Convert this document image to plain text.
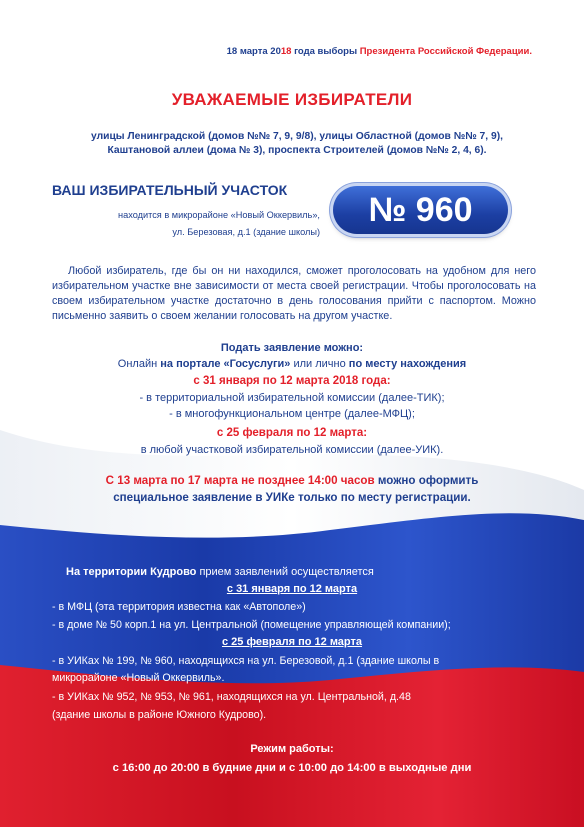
18 марта 2018 года выборы Президента Российской Федерации.
УВАЖАЕМЫЕ ИЗБИРАТЕЛИ
улицы Ленинградской (домов №№ 7, 9, 9/8), улицы Областной (домов №№ 7, 9),
Каштановой аллеи (дома № 3), проспекта Строителей (домов №№ 2, 4, 6).
ВАШ ИЗБИРАТЕЛЬНЫЙ УЧАСТОК
находится в микрорайоне «Новый Оккервиль»,
ул. Березовая, д.1 (здание школы)
№ 960
Любой избиратель, где бы он ни находился, сможет проголосовать на удобном для него избирательном участке вне зависимости от места своей регистрации. Чтобы проголосовать на своем избирательном участке достаточно в день голосования прийти с паспортом. Можно письменно заявить о своем желании голосовать на другом участке.
Подать заявление можно:
Онлайн на портале «Госуслуги» или лично по месту нахождения
с 31 января по 12 марта 2018 года:
- в территориальной избирательной комиссии (далее-ТИК);
- в многофункциональном центре (далее-МФЦ);
с 25 февраля по 12 марта:
в любой участковой избирательной комиссии (далее-УИК).
С 13 марта по 17 марта не позднее 14:00 часов можно оформить
специальное заявление в УИКе только по месту регистрации.
На территории Кудрово прием заявлений осуществляется
с 31 января по 12 марта
- в МФЦ (эта территория известна как «Автополе»)
- в доме № 50 корп.1 на ул. Центральной (помещение управляющей компании);
с 25 февраля по 12 марта
- в УИКах № 199, № 960, находящихся на ул. Березовой, д.1 (здание школы в
микрорайоне «Новый Оккервиль».
- в УИКах № 952, № 953, № 961, находящихся на ул. Центральной, д.48
(здание школы в районе Южного Кудрово).
Режим работы:
с 16:00 до 20:00 в будние дни и с 10:00 до 14:00 в выходные дни
